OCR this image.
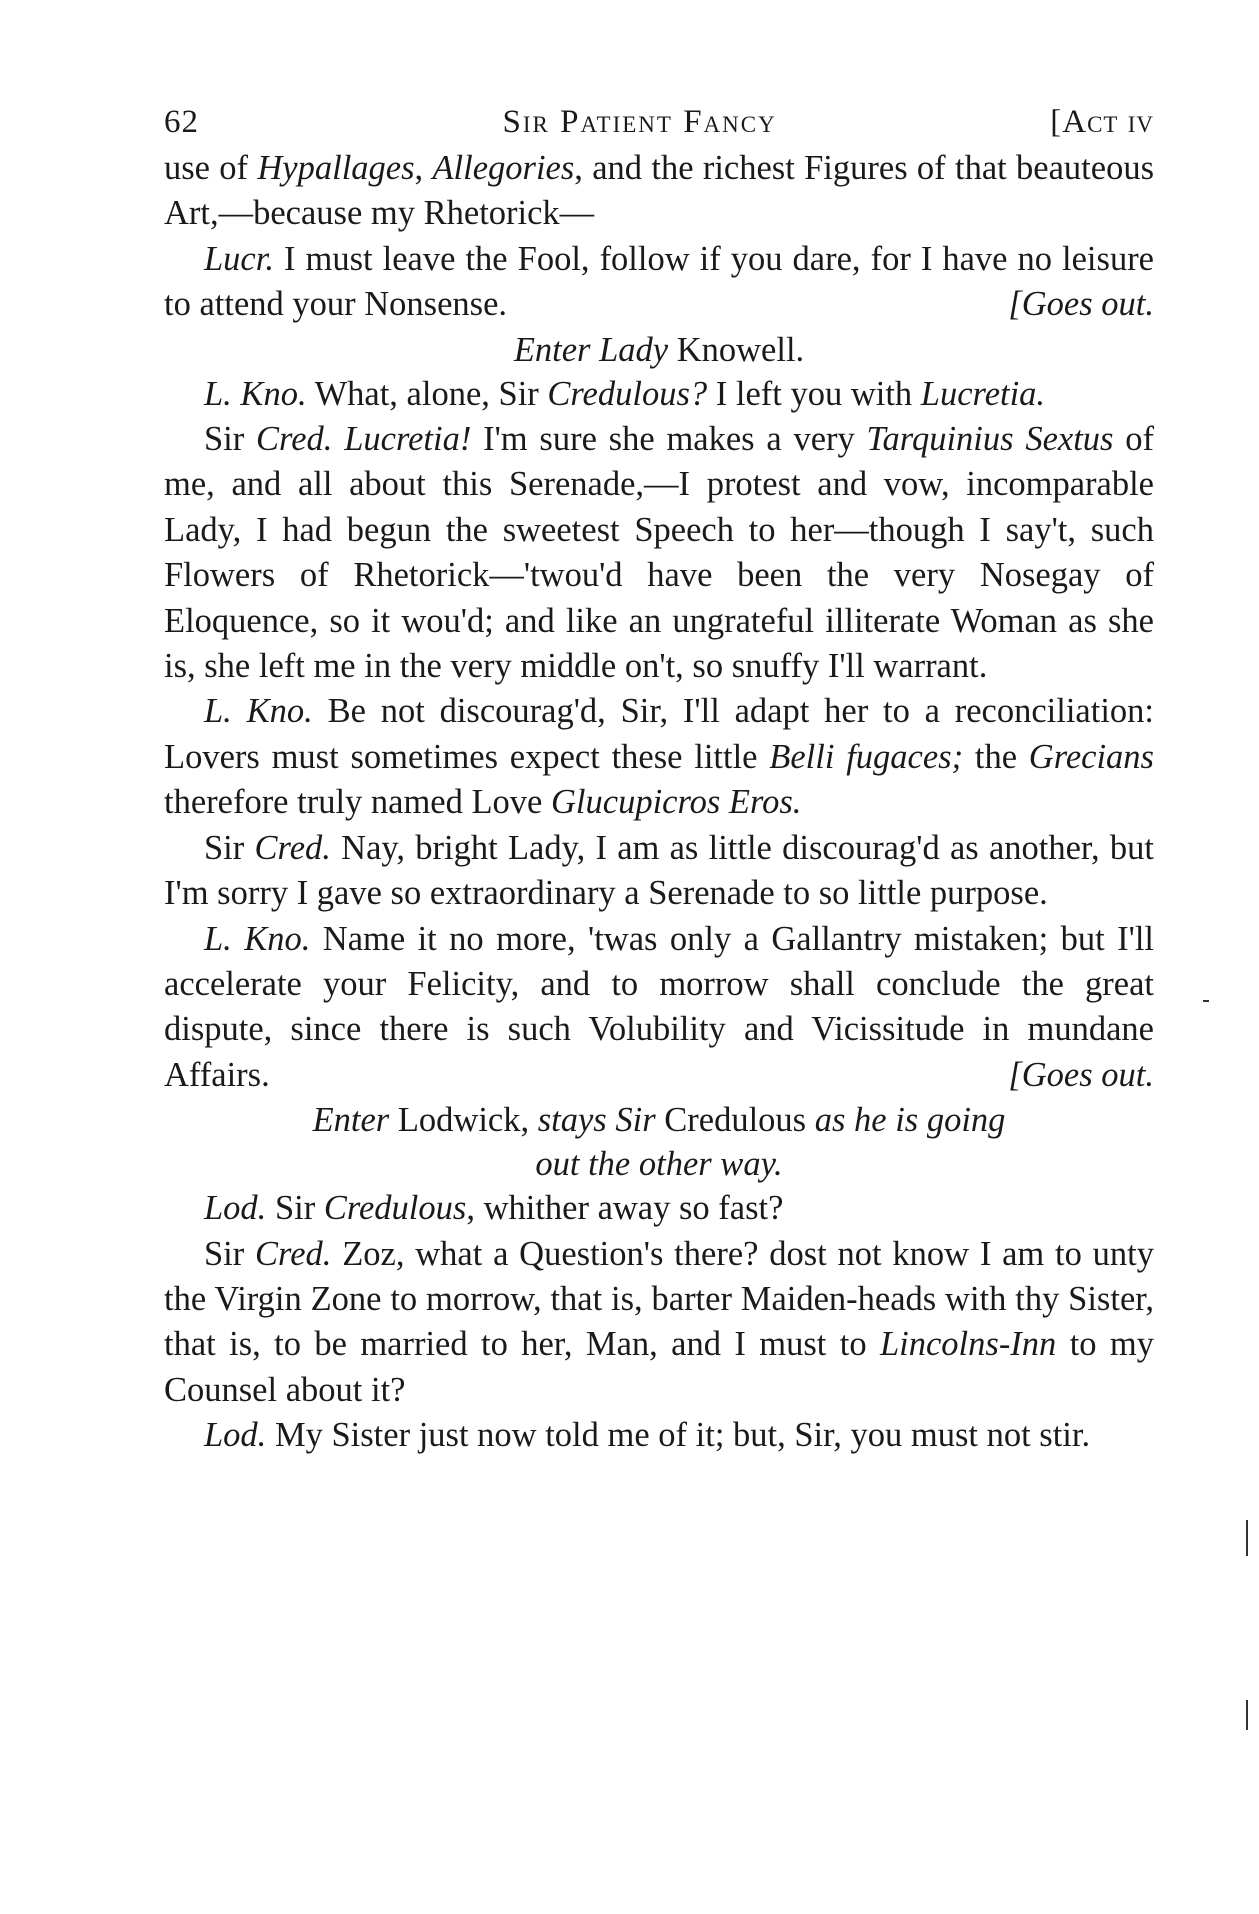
62	Sir Patient Fancy	[Act iv

use of Hypallages, Allegories, and the richest Figures of that beauteous Art,—because my Rhetorick—

Lucr. I must leave the Fool, follow if you dare, for I have no leisure to attend your Nonsense.	[Goes out.

Enter Lady Knowell.

L. Kno. What, alone, Sir Credulous? I left you with Lucretia.

Sir Cred. Lucretia! I'm sure she makes a very Tarquinius Sextus of me, and all about this Serenade,—I protest and vow, incomparable Lady, I had begun the sweetest Speech to her—though I say't, such Flowers of Rhetorick—'twou'd have been the very Nosegay of Eloquence, so it wou'd; and like an ungrateful illiterate Woman as she is, she left me in the very middle on't, so snuffy I'll warrant.

L. Kno. Be not discourag'd, Sir, I'll adapt her to a reconciliation: Lovers must sometimes expect these little Belli fugaces; the Grecians therefore truly named Love Glucupicros Eros.

Sir Cred. Nay, bright Lady, I am as little discourag'd as another, but I'm sorry I gave so extraordinary a Serenade to so little purpose.

L. Kno. Name it no more, 'twas only a Gallantry mistaken; but I'll accelerate your Felicity, and to morrow shall conclude the great dispute, since there is such Volubility and Vicissitude in mundane Affairs.	[Goes out.

Enter Lodwick, stays Sir Credulous as he is going
out the other way.

Lod. Sir Credulous, whither away so fast?

Sir Cred. Zoz, what a Question's there? dost not know I am to unty the Virgin Zone to morrow, that is, barter Maiden-heads with thy Sister, that is, to be married to her, Man, and I must to Lincolns-Inn to my Counsel about it?

Lod. My Sister just now told me of it; but, Sir, you must not stir.
